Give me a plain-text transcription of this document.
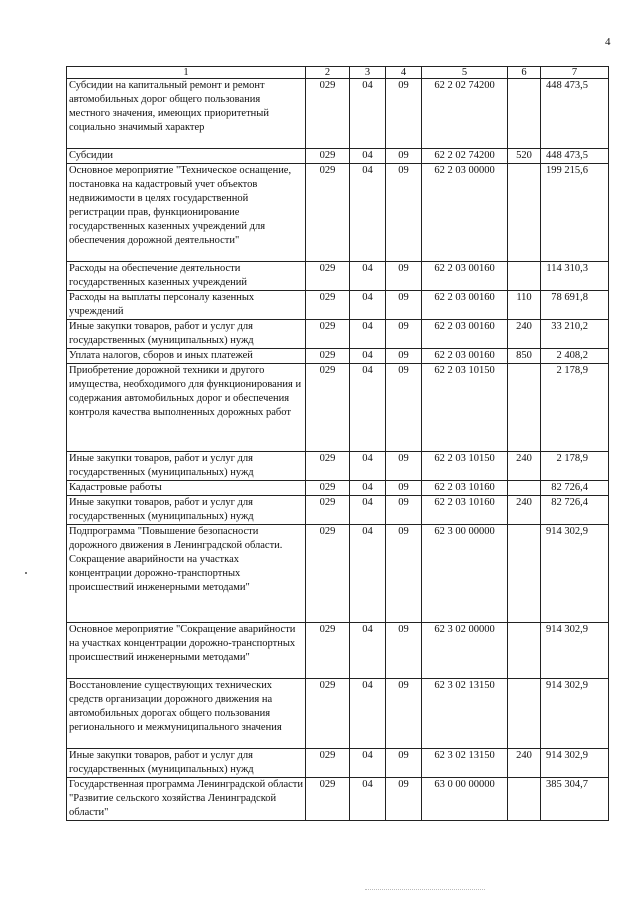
4
1	2	3	4	5	6	7
Субсидии на капитальный ремонт и ремонт автомобильных дорог общего пользования местного значения, имеющих приоритетный социально значимый характер	029	04	09	62 2 02 74200		448 473,5
Субсидии	029	04	09	62 2 02 74200	520	448 473,5
Основное мероприятие "Техническое оснащение, постановка на кадастровый учет объектов недвижимости в целях государственной регистрации прав, функционирование государственных казенных учреждений для обеспечения дорожной деятельности"	029	04	09	62 2 03 00000		199 215,6
Расходы на обеспечение деятельности государственных казенных учреждений	029	04	09	62 2 03 00160		114 310,3
Расходы на выплаты персоналу казенных учреждений	029	04	09	62 2 03 00160	110	78 691,8
Иные закупки товаров, работ и услуг для государственных (муниципальных) нужд	029	04	09	62 2 03 00160	240	33 210,2
Уплата налогов, сборов и иных платежей	029	04	09	62 2 03 00160	850	2 408,2
Приобретение дорожной техники и другого имущества, необходимого для функционирования и содержания автомобильных дорог и обеспечения контроля качества выполненных дорожных работ	029	04	09	62 2 03 10150		2 178,9
Иные закупки товаров, работ и услуг для государственных (муниципальных) нужд	029	04	09	62 2 03 10150	240	2 178,9
Кадастровые работы	029	04	09	62 2 03 10160		82 726,4
Иные закупки товаров, работ и услуг для государственных (муниципальных) нужд	029	04	09	62 2 03 10160	240	82 726,4
Подпрограмма "Повышение безопасности дорожного движения в Ленинградской области. Сокращение аварийности на участках концентрации дорожно-транспортных происшествий инженерными методами"	029	04	09	62 3 00 00000		914 302,9
Основное мероприятие "Сокращение аварийности на участках концентрации дорожно-транспортных происшествий инженерными методами"	029	04	09	62 3 02 00000		914 302,9
Восстановление существующих технических средств организации дорожного движения на автомобильных дорогах общего пользования регионального и межмуниципального значения	029	04	09	62 3 02 13150		914 302,9
Иные закупки товаров, работ и услуг для государственных (муниципальных) нужд	029	04	09	62 3 02 13150	240	914 302,9
Государственная программа Ленинградской области "Развитие сельского хозяйства Ленинградской области"	029	04	09	63 0 00 00000		385 304,7
